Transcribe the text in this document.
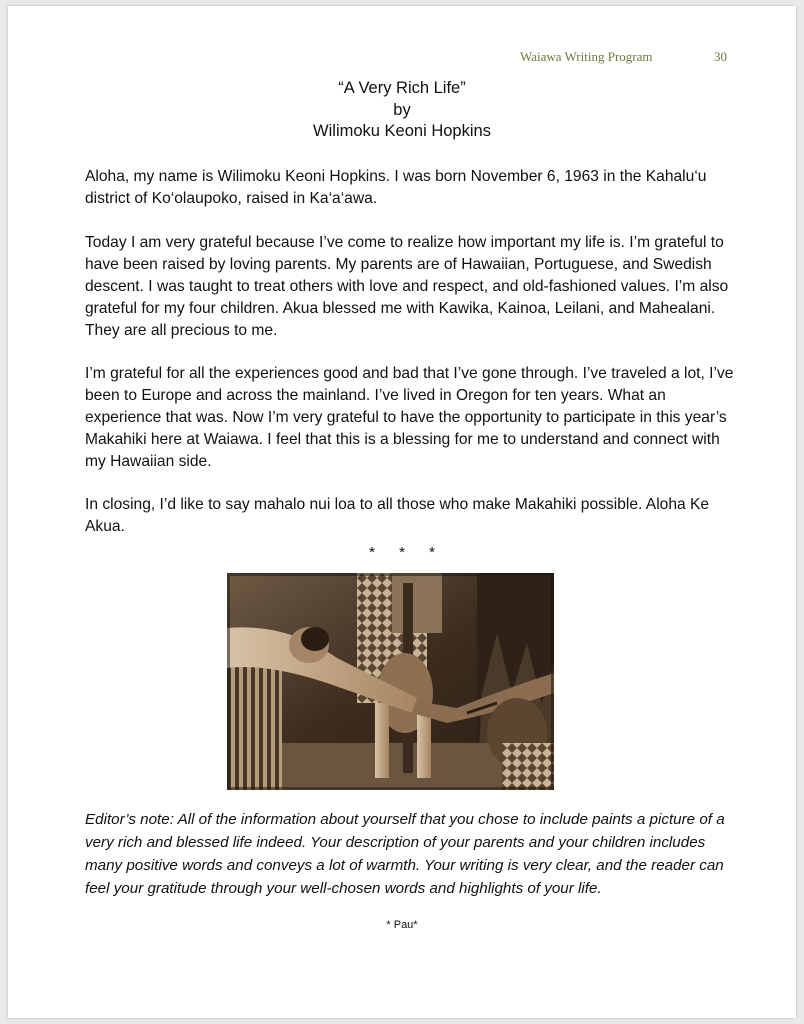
Waiawa Writing Program	30
“A Very Rich Life”
by
Wilimoku Keoni Hopkins

Aloha, my name is Wilimoku Keoni Hopkins. I was born November 6, 1963 in the Kahalu‘u district of Ko‘olaupoko, raised in Ka‘a‘awa.

Today I am very grateful because I’ve come to realize how important my life is. I’m grateful to have been raised by loving parents. My parents are of Hawaiian, Portuguese, and Swedish descent. I was taught to treat others with love and respect, and old-fashioned values. I’m also grateful for my four children. Akua blessed me with Kawika, Kainoa, Leilani, and Mahealani. They are all precious to me.

I’m grateful for all the experiences good and bad that I’ve gone through. I’ve traveled a lot, I’ve been to Europe and across the mainland. I’ve lived in Oregon for ten years. What an experience that was. Now I’m very grateful to have the opportunity to participate in this year’s Makahiki here at Waiawa. I feel that this is a blessing for me to understand and connect with my Hawaiian side.

In closing, I’d like to say mahalo nui loa to all those who make Makahiki possible. Aloha Ke Akua.

* * *
Editor’s note: All of the information about yourself that you chose to include paints a picture of a very rich and blessed life indeed. Your description of your parents and your children includes many positive words and conveys a lot of warmth. Your writing is very clear, and the reader can feel your gratitude through your well-chosen words and highlights of your life.
* Pau*
